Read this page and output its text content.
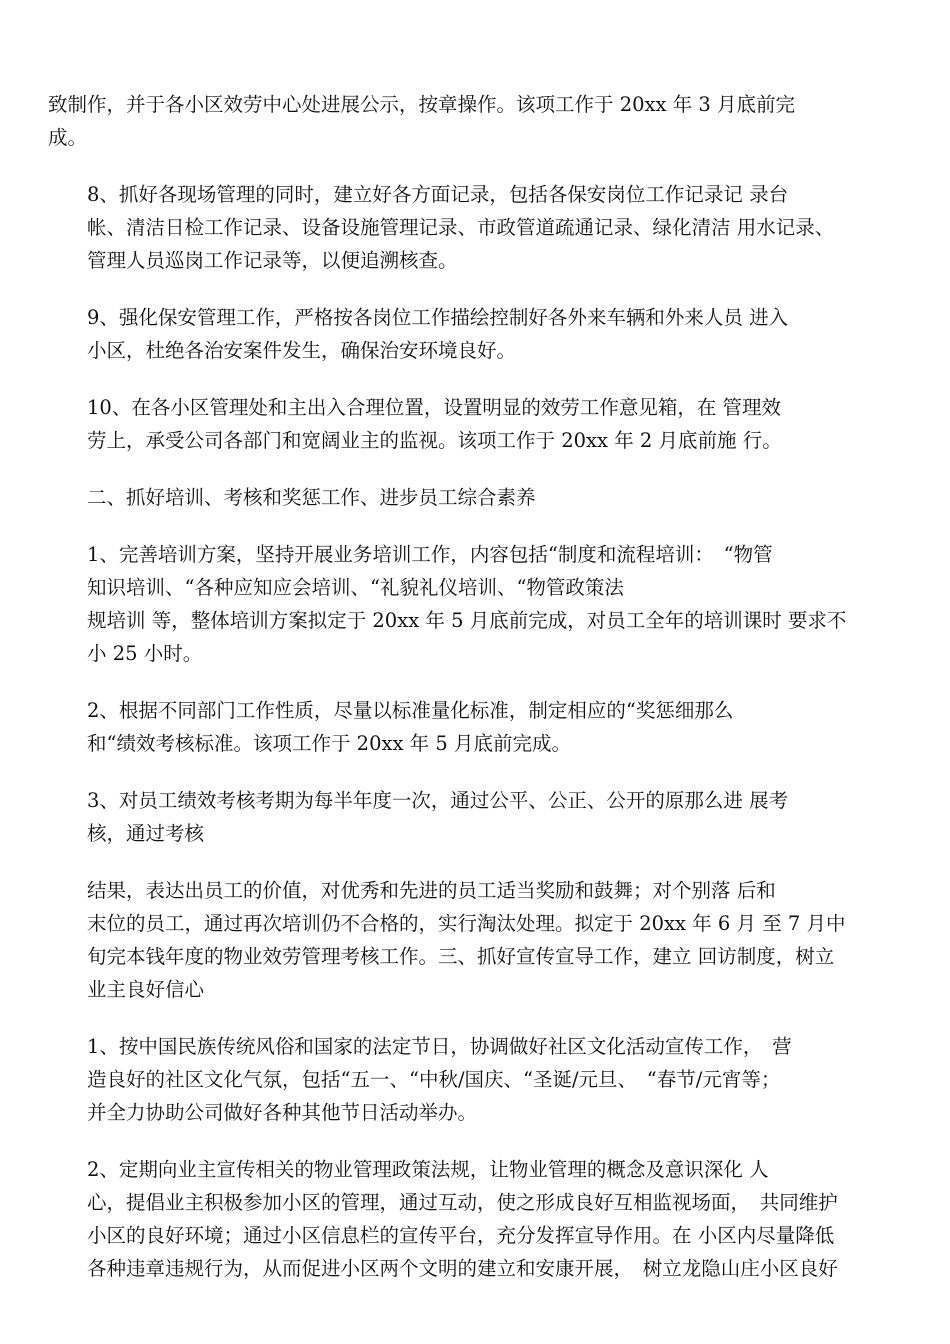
致制作，并于各小区效劳中心处进展公示，按章操作。该项工作于 20xx 年 3 月底前完
成。

8、抓好各现场管理的同时，建立好各方面记录，包括各保安岗位工作记录记 录台
帐、清洁日检工作记录、设备设施管理记录、市政管道疏通记录、绿化清洁 用水记录、
管理人员巡岗工作记录等，以便追溯核查。

9、强化保安管理工作，严格按各岗位工作描绘控制好各外来车辆和外来人员 进入
小区，杜绝各治安案件发生，确保治安环境良好。

10、在各小区管理处和主出入合理位置，设置明显的效劳工作意见箱，在 管理效
劳上，承受公司各部门和宽阔业主的监视。该项工作于 20xx 年 2 月底前施 行。

二、抓好培训、考核和奖惩工作、进步员工综合素养

1、完善培训方案，坚持开展业务培训工作，内容包括“制度和流程培训：　“物管
知识培训、“各种应知应会培训、“礼貌礼仪培训、“物管政策法
规培训 等，整体培训方案拟定于 20xx 年 5 月底前完成，对员工全年的培训课时 要求不
小 25 小时。

2、根据不同部门工作性质，尽量以标准量化标准，制定相应的“奖惩细那么
和“绩效考核标准。该项工作于 20xx 年 5 月底前完成。

3、对员工绩效考核考期为每半年度一次，通过公平、公正、公开的原那么进 展考
核，通过考核

结果，表达出员工的价值，对优秀和先进的员工适当奖励和鼓舞；对个别落 后和
末位的员工，通过再次培训仍不合格的，实行淘汰处理。拟定于 20xx 年 6 月 至 7 月中
旬完本钱年度的物业效劳管理考核工作。三、抓好宣传宣导工作，建立 回访制度，树立
业主良好信心

1、按中国民族传统风俗和国家的法定节日，协调做好社区文化活动宣传工作，　营
造良好的社区文化气氛，包括“五一、“中秋/国庆、“圣诞/元旦、　“春节/元宵等；
并全力协助公司做好各种其他节日活动举办。

2、定期向业主宣传相关的物业管理政策法规，让物业管理的概念及意识深化 人
心，提倡业主积极参加小区的管理，通过互动，使之形成良好互相监视场面，　共同维护
小区的良好环境；通过小区信息栏的宣传平台，充分发挥宣导作用。在 小区内尽量降低
各种违章违规行为，从而促进小区两个文明的建立和安康开展，　树立龙隐山庄小区良好
